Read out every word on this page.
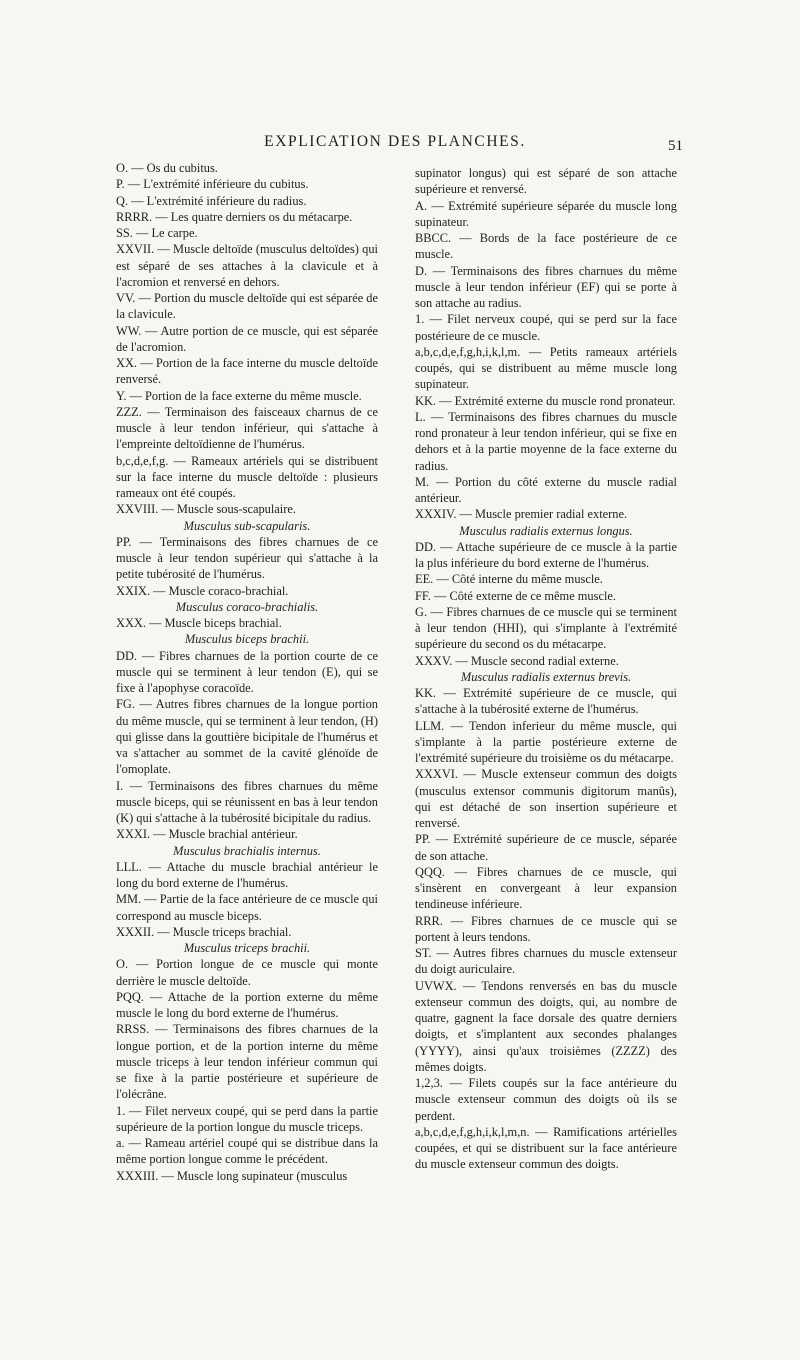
EXPLICATION DES PLANCHES.	51

O. — Os du cubitus.

P. — L'extrémité inférieure du cubitus.

Q. — L'extrémité inférieure du radius.

RRRR. — Les quatre derniers os du métacarpe.

SS. — Le carpe.

XXVII. — Muscle deltoïde (musculus deltoïdes) qui est séparé de ses attaches à la clavicule et à l'acromion et renversé en dehors.

VV. — Portion du muscle deltoïde qui est séparée de la clavicule.

WW. — Autre portion de ce muscle, qui est séparée de l'acromion.

XX. — Portion de la face interne du muscle deltoïde renversé.

Y. — Portion de la face externe du même muscle.

ZZZ. — Terminaison des faisceaux charnus de ce muscle à leur tendon inférieur, qui s'attache à l'empreinte deltoïdienne de l'humérus.

b,c,d,e,f,g. — Rameaux artériels qui se distribuent sur la face interne du muscle deltoïde : plusieurs rameaux ont été coupés.

XXVIII. — Muscle sous-scapulaire.

Musculus sub-scapularis.

PP. — Terminaisons des fibres charnues de ce muscle à leur tendon supérieur qui s'attache à la petite tubérosité de l'humérus.

XXIX. — Muscle coraco-brachial.

Musculus coraco-brachialis.

XXX. — Muscle biceps brachial.

Musculus biceps brachii.

DD. — Fibres charnues de la portion courte de ce muscle qui se terminent à leur tendon (E), qui se fixe à l'apophyse coracoïde.

FG. — Autres fibres charnues de la longue portion du même muscle, qui se terminent à leur tendon, (H) qui glisse dans la gouttière bicipitale de l'humérus et va s'attacher au sommet de la cavité glénoïde de l'omoplate.

I. — Terminaisons des fibres charnues du même muscle biceps, qui se réunissent en bas à leur tendon (K) qui s'attache à la tubérosité bicipitale du radius.

XXXI. — Muscle brachial antérieur.

Musculus brachialis internus.

LLL. — Attache du muscle brachial antérieur le long du bord externe de l'humérus.

MM. — Partie de la face antérieure de ce muscle qui correspond au muscle biceps.

XXXII. — Muscle triceps brachial.

Musculus triceps brachii.

O. — Portion longue de ce muscle qui monte derrière le muscle deltoïde.

PQQ. — Attache de la portion externe du même muscle le long du bord externe de l'humérus.

RRSS. — Terminaisons des fibres charnues de la longue portion, et de la portion interne du même muscle triceps à leur tendon inférieur commun qui se fixe à la partie postérieure et supérieure de l'olécrâne.

1. — Filet nerveux coupé, qui se perd dans la partie supérieure de la portion longue du muscle triceps.

a. — Rameau artériel coupé qui se distribue dans la même portion longue comme le précédent.

XXXIII. — Muscle long supinateur (musculus

supinator longus) qui est séparé de son attache supérieure et renversé.

A. — Extrémité supérieure séparée du muscle long supinateur.

BBCC. — Bords de la face postérieure de ce muscle.

D. — Terminaisons des fibres charnues du même muscle à leur tendon inférieur (EF) qui se porte à son attache au radius.

1. — Filet nerveux coupé, qui se perd sur la face postérieure de ce muscle.

a,b,c,d,e,f,g,h,i,k,l,m. — Petits rameaux artériels coupés, qui se distribuent au même muscle long supinateur.

KK. — Extrémité externe du muscle rond pronateur.

L. — Terminaisons des fibres charnues du muscle rond pronateur à leur tendon inférieur, qui se fixe en dehors et à la partie moyenne de la face externe du radius.

M. — Portion du côté externe du muscle radial antérieur.

XXXIV. — Muscle premier radial externe.

Musculus radialis externus longus.

DD. — Attache supérieure de ce muscle à la partie la plus inférieure du bord externe de l'humérus.

EE. — Côté interne du même muscle.

FF. — Côté externe de ce même muscle.

G. — Fibres charnues de ce muscle qui se terminent à leur tendon (HHI), qui s'implante à l'extrémité supérieure du second os du métacarpe.

XXXV. — Muscle second radial externe.

Musculus radialis externus brevis.

KK. — Extrémité supérieure de ce muscle, qui s'attache à la tubérosité externe de l'humérus.

LLM. — Tendon inferieur du même muscle, qui s'implante à la partie postérieure externe de l'extrémité supérieure du troisième os du métacarpe.

XXXVI. — Muscle extenseur commun des doigts (musculus extensor communis digitorum manûs), qui est détaché de son insertion supérieure et renversé.

PP. — Extrémité supérieure de ce muscle, séparée de son attache.

QQQ. — Fibres charnues de ce muscle, qui s'insèrent en convergeant à leur expansion tendineuse inférieure.

RRR. — Fibres charnues de ce muscle qui se portent à leurs tendons.

ST. — Autres fibres charnues du muscle extenseur du doigt auriculaire.

UVWX. — Tendons renversés en bas du muscle extenseur commun des doigts, qui, au nombre de quatre, gagnent la face dorsale des quatre derniers doigts, et s'implantent aux secondes phalanges (YYYY), ainsi qu'aux troisièmes (ZZZZ) des mêmes doigts.

1,2,3. — Filets coupés sur la face antérieure du muscle extenseur commun des doigts où ils se perdent.

a,b,c,d,e,f,g,h,i,k,l,m,n. — Ramifications artérielles coupées, et qui se distribuent sur la face antérieure du muscle extenseur commun des doigts.
